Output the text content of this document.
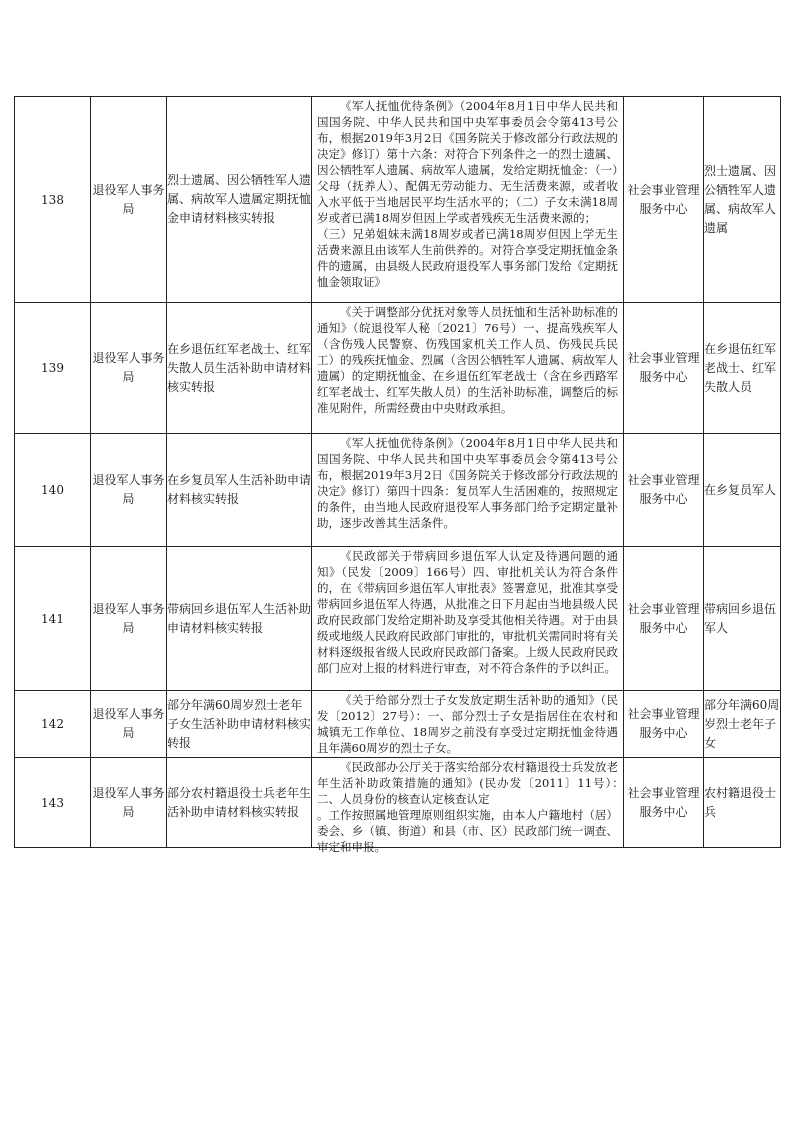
138	退役军人事务局	烈士遗属、因公牺牲军人遗属、病故军人遗属定期抚恤金申请材料核实转报	《军人抚恤优待条例》（2004年8月1日中华人民共和国国务院、中华人民共和国中央军事委员会令第413号公布，根据2019年3月2日《国务院关于修改部分行政法规的决定》修订）第十六条：对符合下列条件之一的烈士遗属、因公牺牲军人遗属、病故军人遗属，发给定期抚恤金：（一）父母（抚养人）、配偶无劳动能力、无生活费来源，或者收入水平低于当地居民平均生活水平的；（二）子女未满18周岁或者已满18周岁但因上学或者残疾无生活费来源的；

（三）兄弟姐妹未满18周岁或者已满18周岁但因上学无生活费来源且由该军人生前供养的。对符合享受定期抚恤金条件的遗属，由县级人民政府退役军人事务部门发给《定期抚恤金领取证》	社会事业管理服务中心	烈士遗属、因公牺牲军人遗属、病故军人遗属
139	退役军人事务局	在乡退伍红军老战士、红军失散人员生活补助申请材料核实转报	《关于调整部分优抚对象等人员抚恤和生活补助标准的通知》（皖退役军人秘〔2021〕76号）一、提高残疾军人（含伤残人民警察、伤残国家机关工作人员、伤残民兵民工）的残疾抚恤金、烈属（含因公牺牲军人遗属、病故军人遗属）的定期抚恤金、在乡退伍红军老战士（含在乡西路军红军老战士、红军失散人员）的生活补助标准，调整后的标准见附件，所需经费由中央财政承担。	社会事业管理服务中心	在乡退伍红军老战士、红军失散人员
140	退役军人事务局	在乡复员军人生活补助申请材料核实转报	《军人抚恤优待条例》（2004年8月1日中华人民共和国国务院、中华人民共和国中央军事委员会令第413号公布，根据2019年3月2日《国务院关于修改部分行政法规的决定》修订）第四十四条：复员军人生活困难的，按照规定的条件，由当地人民政府退役军人事务部门给予定期定量补助，逐步改善其生活条件。	社会事业管理服务中心	在乡复员军人
141	退役军人事务局	带病回乡退伍军人生活补助申请材料核实转报	《民政部关于带病回乡退伍军人认定及待遇问题的通知》（民发〔2009〕166号）四、审批机关认为符合条件的，在《带病回乡退伍军人审批表》签署意见，批准其享受带病回乡退伍军人待遇，从批准之日下月起由当地县级人民政府民政部门发给定期补助及享受其他相关待遇。对于由县级或地级人民政府民政部门审批的，审批机关需同时将有关材料逐级报省级人民政府民政部门备案。上级人民政府民政部门应对上报的材料进行审查，对不符合条件的予以纠正。	社会事业管理服务中心	带病回乡退伍军人
142	退役军人事务局	部分年满60周岁烈士老年子女生活补助申请材料核实转报	《关于给部分烈士子女发放定期生活补助的通知》（民发〔2012〕27号）：一、部分烈士子女是指居住在农村和城镇无工作单位、18周岁之前没有享受过定期抚恤金待遇且年满60周岁的烈士子女。	社会事业管理服务中心	部分年满60周岁烈士老年子女
143	退役军人事务局	部分农村籍退役士兵老年生活补助申请材料核实转报	《民政部办公厅关于落实给部分农村籍退役士兵发放老年生活补助政策措施的通知》(民办发〔2011〕11号）：　二、人员身份的核查认定核查认定

。工作按照属地管理原则组织实施，由本人户籍地村（居）委会、乡（镇、街道）和县（市、区）民政部门统一调查、审定和申报。	社会事业管理服务中心	农村籍退役士兵
